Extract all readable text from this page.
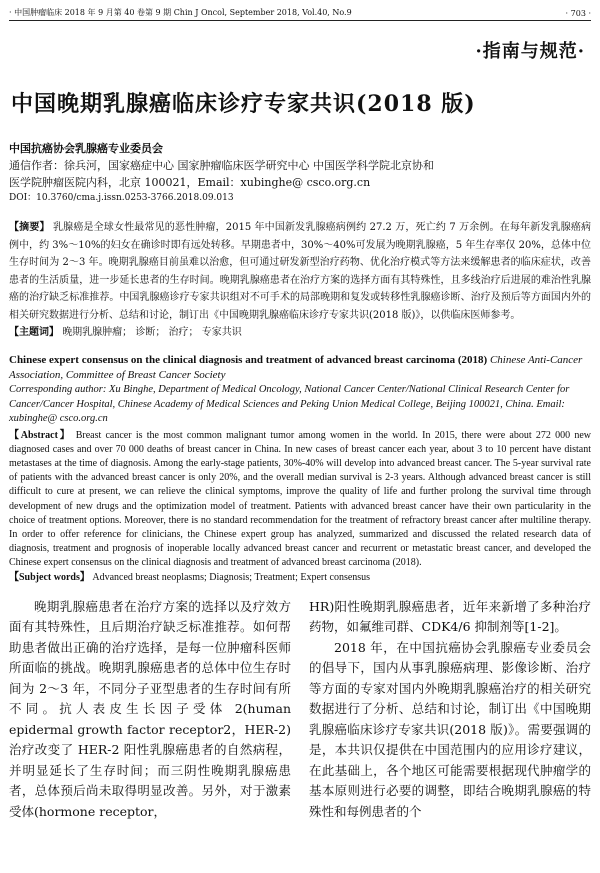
· 中国肿瘤临床 2018 年 9 月第 40 卷第 9 期 Chin J Oncol, September 2018, Vol.40, No.9	· 703 ·
·指南与规范·
中国晚期乳腺癌临床诊疗专家共识(2018 版)
中国抗癌协会乳腺癌专业委员会
通信作者：徐兵河，国家癌症中心 国家肿瘤临床医学研究中心 中国医学科学院北京协和
医学院肿瘤医院内科，北京 100021，Email：xubinghe@ csco.org.cn
DOI：10.3760/cma.j.issn.0253-3766.2018.09.013
【摘要】 乳腺癌是全球女性最常见的恶性肿瘤，2015 年中国新发乳腺癌病例约 27.2 万，死亡约 7 万余例。在每年新发乳腺癌病例中，约 3%～10%的妇女在确诊时即有远处转移。早期患者中，30%～40%可发展为晚期乳腺癌，5 年生存率仅 20%，总体中位生存时间为 2～3 年。晚期乳腺癌目前虽难以治愈，但可通过研发新型治疗药物、优化治疗模式等方法来缓解患者的临床症状，改善患者的生活质量，进一步延长患者的生存时间。晚期乳腺癌患者在治疗方案的选择方面有其特殊性，且多线治疗后进展的难治性乳腺癌的治疗缺乏标准推荐。中国乳腺癌诊疗专家共识组对不可手术的局部晚期和复发或转移性乳腺癌诊断、治疗及预后等方面国内外的相关研究数据进行分析、总结和讨论，制订出《中国晚期乳腺癌临床诊疗专家共识(2018 版)》，以供临床医师参考。
【主题词】 晚期乳腺肿瘤； 诊断； 治疗； 专家共识
Chinese expert consensus on the clinical diagnosis and treatment of advanced breast carcinoma (2018) Chinese Anti-Cancer Association, Committee of Breast Cancer Society
Corresponding author: Xu Binghe, Department of Medical Oncology, National Cancer Center/National Clinical Research Center for Cancer/Cancer Hospital, Chinese Academy of Medical Sciences and Peking Union Medical College, Beijing 100021, China. Email: xubinghe@ csco.org.cn
【Abstract】 Breast cancer is the most common malignant tumor among women in the world. In 2015, there were about 272 000 new diagnosed cases and over 70 000 deaths of breast cancer in China. In new cases of breast cancer each year, about 3 to 10 percent have distant metastases at the time of diagnosis. Among the early-stage patients, 30%-40% will develop into advanced breast cancer. The 5-year survival rate of patients with the advanced breast cancer is only 20%, and the overall median survival is 2-3 years. Although advanced breast cancer is still difficult to cure at present, we can relieve the clinical symptoms, improve the quality of life and further prolong the survival time through development of new drugs and the optimization model of treatment. Patients with advanced breast cancer have their own particularity in the choice of treatment options. Moreover, there is no standard recommendation for the treatment of refractory breast cancer after multiline therapy. In order to offer reference for clinicians, the Chinese expert group has analyzed, summarized and discussed the related research data of diagnosis, treatment and prognosis of inoperable locally advanced breast cancer and recurrent or metastatic breast cancer, and developed the Chinese expert consensus on the clinical diagnosis and treatment of advanced breast carcinoma (2018).
【Subject words】 Advanced breast neoplasms; Diagnosis; Treatment; Expert consensus

晚期乳腺癌患者在治疗方案的选择以及疗效方面有其特殊性，且后期治疗缺乏标准推荐。如何帮助患者做出正确的治疗选择，是每一位肿瘤科医师所面临的挑战。晚期乳腺癌患者的总体中位生存时间为 2～3 年，不同分子亚型患者的生存时间有所不同。抗人表皮生长因子受体 2(human epidermal growth factor receptor2，HER-2)治疗改变了 HER-2 阳性乳腺癌患者的自然病程，并明显延长了生存时间；而三阴性晚期乳腺癌患者，总体预后尚未取得明显改善。另外，对于激素受体(hormone receptor，

HR)阳性晚期乳腺癌患者，近年来新增了多种治疗药物，如氟维司群、CDK4/6 抑制剂等[1-2]。

2018 年，在中国抗癌协会乳腺癌专业委员会的倡导下，国内从事乳腺癌病理、影像诊断、治疗等方面的专家对国内外晚期乳腺癌治疗的相关研究数据进行了分析、总结和讨论，制订出《中国晚期乳腺癌临床诊疗专家共识(2018 版)》。需要强调的是，本共识仅提供在中国范围内的应用诊疗建议，在此基础上，各个地区可能需要根据现代肿瘤学的基本原则进行必要的调整，即结合晚期乳腺癌的特殊性和每例患者的个
